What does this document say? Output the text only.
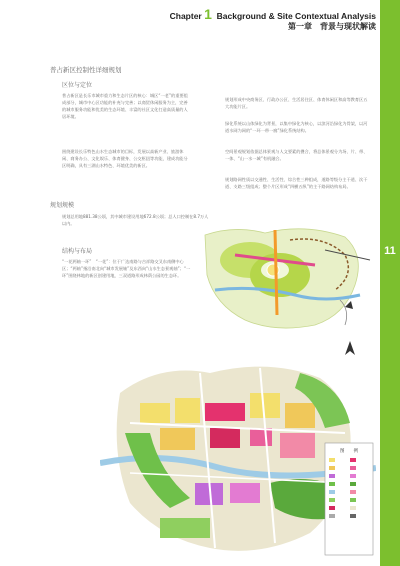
Chapter 1 Background & Site Contextual Analysis
第一章　背景与现状解读
11
普占新区控制性详细规划
区位与定位
普占新区是长乐市城市重力和生态片区的核心：城区“一老”的重要组成部分，城市中心区功能的补充与完善；以商贸休闲服务为主，完善的城市服务功能和优美的生态环境、丰富的社区文化打造高质量的人居环境。
围绕建设长乐特色山水生态城市的目标，发展以高新产业、旅游休闲、商务办公、文化娱乐、体育健身、公交枢纽等功能，建成功能分区明确，具有三湖山水特色、环境优美的新区。
规划规模
规划总用地881.38公顷，其中城市建设用地672.8公顷；总人口控制在8.7万人以内。
结构与布局
“一花两轴一环”　“一花”：位于广达南路与吉祥路交叉东南侧中心区；“两轴”指沿南北向“城市发展轴”及东西向“山水生态景观轴”；“一环”围绕林地的新区创建用地，三双道路形成林荫公园的生态环。
规划形成中央商务区、行政办公区、生活居住区、体育休闲区和高等教育区五大功能片区。
绿化系统以山体绿化为背景，以集中绿化为核心，以滨河沿绿化为骨架，以河道水网为网的“一环一带一廊”绿化系统结构。
空间景观规划依据总体景观与人文要素的叠合，将总体景观分为场、片、带、一体、“山一水一城”有机融合。
规划路网性质以交通性、生活性、综合性三种组成，道路等级分主干道、次干道、支路三级组成；整个片区形成“四横五纵”的主干路网结构布局。
图　　例
